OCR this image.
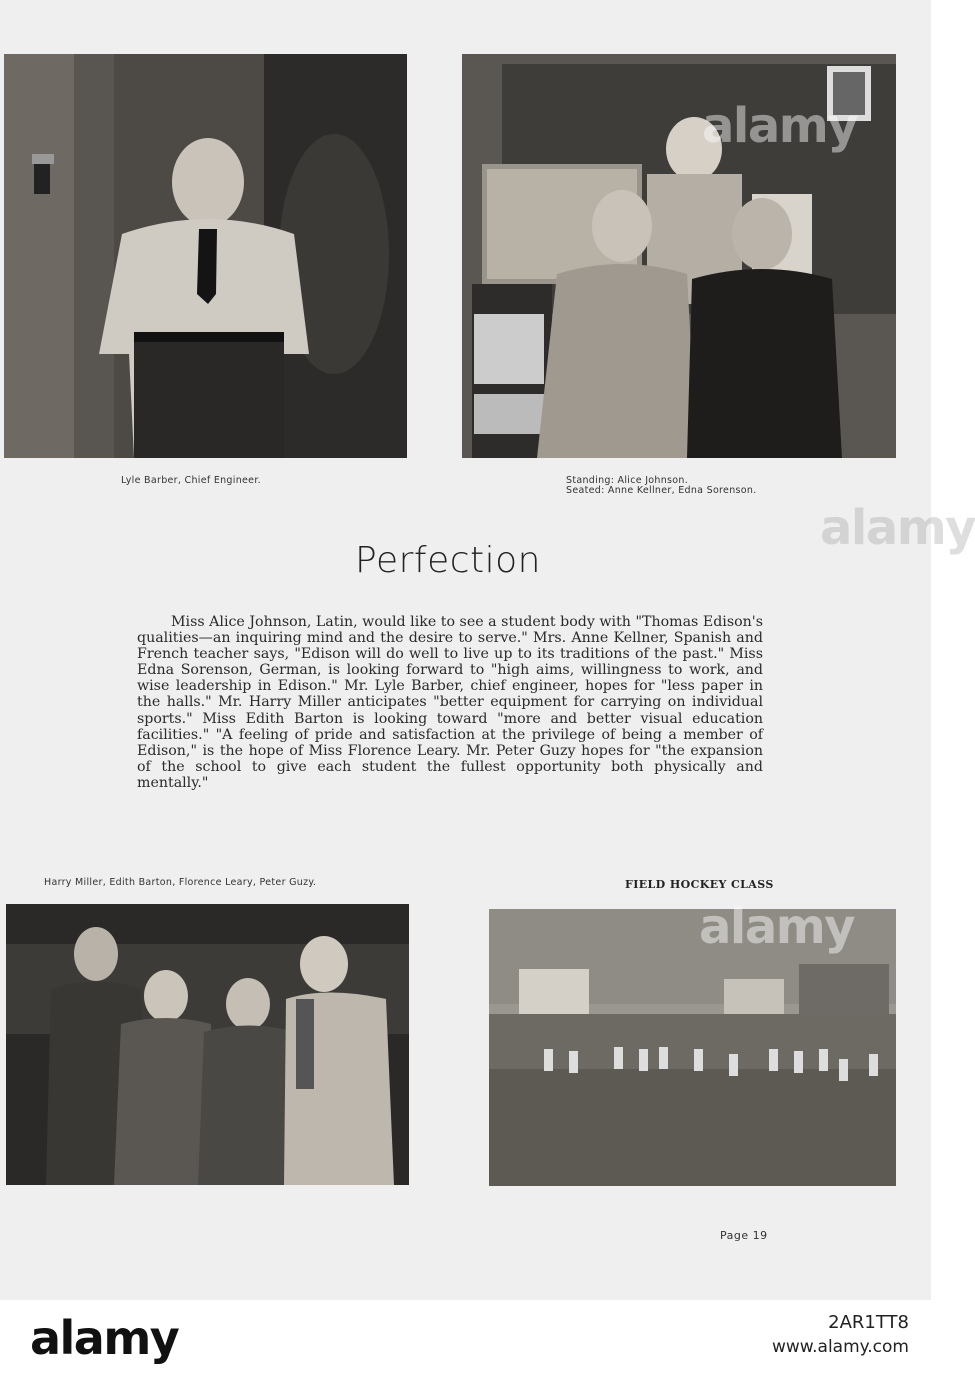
Lyle Barber, Chief Engineer.
alamy
Standing: Alice Johnson.
Seated: Anne Kellner, Edna Sorenson.
Perfection
Miss Alice Johnson, Latin, would like to see a student body with "Thomas Edison's qualities—an inquiring mind and the desire to serve." Mrs. Anne Kellner, Spanish and French teacher says, "Edison will do well to live up to its traditions of the past." Miss Edna Sorenson, German, is looking forward to "high aims, willingness to work, and wise leadership in Edison." Mr. Lyle Barber, chief engineer, hopes for "less paper in the halls." Mr. Harry Miller anticipates "better equipment for carrying on individual sports." Miss Edith Barton is looking toward "more and better visual education facilities." "A feeling of pride and satisfaction at the privilege of being a member of Edison," is the hope of Miss Florence Leary. Mr. Peter Guzy hopes for "the expansion of the school to give each student the fullest opportunity both physically and mentally."
Harry Miller, Edith Barton, Florence Leary, Peter Guzy.	FIELD HOCKEY CLASS
alamy
Page 19
alamy	2AR1TT8
www.alamy.com
alamy
